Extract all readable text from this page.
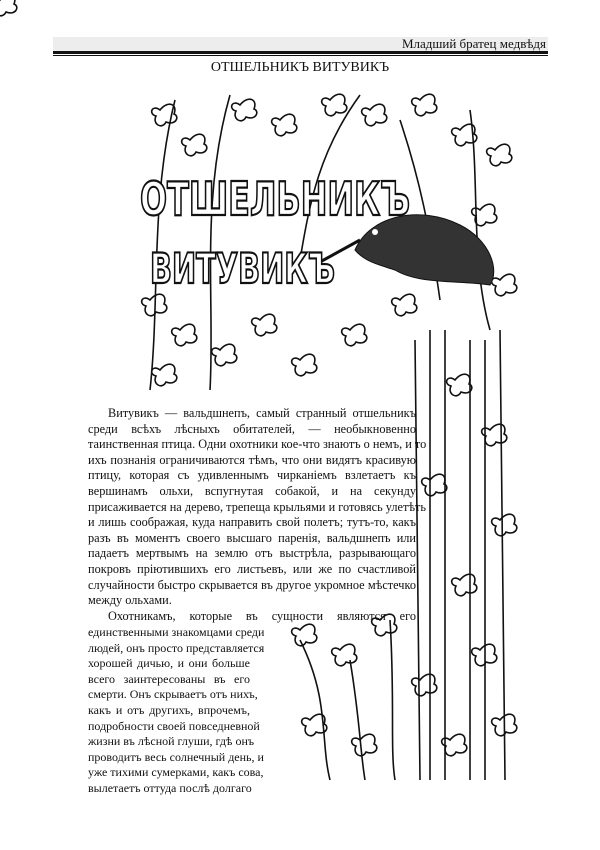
Младший братец медвѣдя
ОТШЕЛЬНИКЪ ВИТУВИКЪ
ОТШЕЛЬНИКЪ
ВИТУВИКЪ
Витувикъ — вальдшнепъ, самый странный отшельникъ
среди всѣхъ лѣсныхъ обитателей, — необыкновенно
таинственная птица. Одни охотники кое-что знаютъ о немъ, и то
ихъ познанія ограничиваются тѣмъ, что они видятъ красивую
птицу, которая съ удивленнымъ чирканіемъ взлетаетъ къ
вершинамъ ольхи, вспугнутая собакой, и на секунду
присаживается на дерево, трепеща крыльями и готовясь улетѣть
и лишь соображая, куда направить свой полетъ; тутъ-то, какъ
разъ въ моментъ своего высшаго паренія, вальдшнепъ или
падаетъ мертвымъ на землю отъ выстрѣла, разрывающаго
покровъ пріютившихъ его листьевъ, или же по счастливой
случайности быстро скрывается въ другое укромное мѣстечко
между ольхами.
Охотникамъ, которые въ сущности являются его
единственными знакомцами среди
людей, онъ просто представляется
хорошей дичью, и они больше
всего заинтересованы въ его
смерти. Онъ скрываетъ отъ нихъ,
какъ и отъ другихъ, впрочемъ,
подробности своей повседневной
жизни въ лѣсной глуши, гдѣ онъ
проводитъ весь солнечный день, и
уже тихими сумерками, какъ сова,
вылетаетъ оттуда послѣ долгаго
